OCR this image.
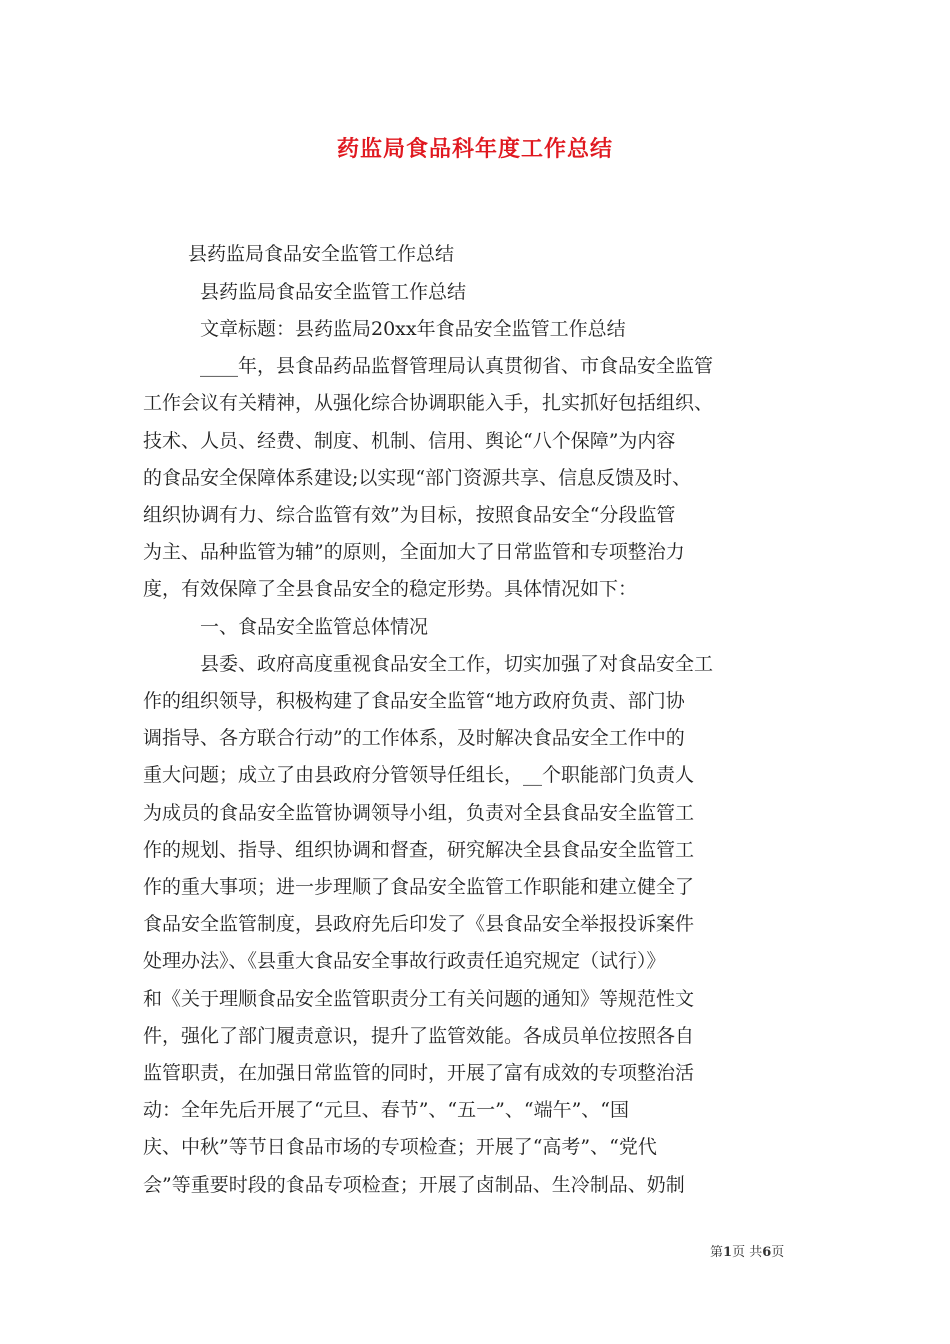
药监局食品科年度工作总结
县药监局食品安全监管工作总结
县药监局食品安全监管工作总结
文章标题：县药监局20xx年食品安全监管工作总结
____年，县食品药品监督管理局认真贯彻省、市食品安全监管
工作会议有关精神，从强化综合协调职能入手，扎实抓好包括组织、
技术、人员、经费、制度、机制、信用、舆论“八个保障”为内容
的食品安全保障体系建设;以实现“部门资源共享、信息反馈及时、
组织协调有力、综合监管有效”为目标，按照食品安全“分段监管
为主、品种监管为辅”的原则，全面加大了日常监管和专项整治力
度，有效保障了全县食品安全的稳定形势。具体情况如下：
一、食品安全监管总体情况
县委、政府高度重视食品安全工作，切实加强了对食品安全工
作的组织领导，积极构建了食品安全监管“地方政府负责、部门协
调指导、各方联合行动”的工作体系，及时解决食品安全工作中的
重大问题；成立了由县政府分管领导任组长，__个职能部门负责人
为成员的食品安全监管协调领导小组，负责对全县食品安全监管工
作的规划、指导、组织协调和督查，研究解决全县食品安全监管工
作的重大事项；进一步理顺了食品安全监管工作职能和建立健全了
食品安全监管制度，县政府先后印发了《县食品安全举报投诉案件
处理办法》、《县重大食品安全事故行政责任追究规定（试行）》
和《关于理顺食品安全监管职责分工有关问题的通知》等规范性文
件，强化了部门履责意识，提升了监管效能。各成员单位按照各自
监管职责，在加强日常监管的同时，开展了富有成效的专项整治活
动：全年先后开展了“元旦、春节”、“五一”、“端午”、“国
庆、中秋”等节日食品市场的专项检查；开展了“高考”、“党代
会”等重要时段的食品专项检查；开展了卤制品、生冷制品、奶制
第1页 共6页
